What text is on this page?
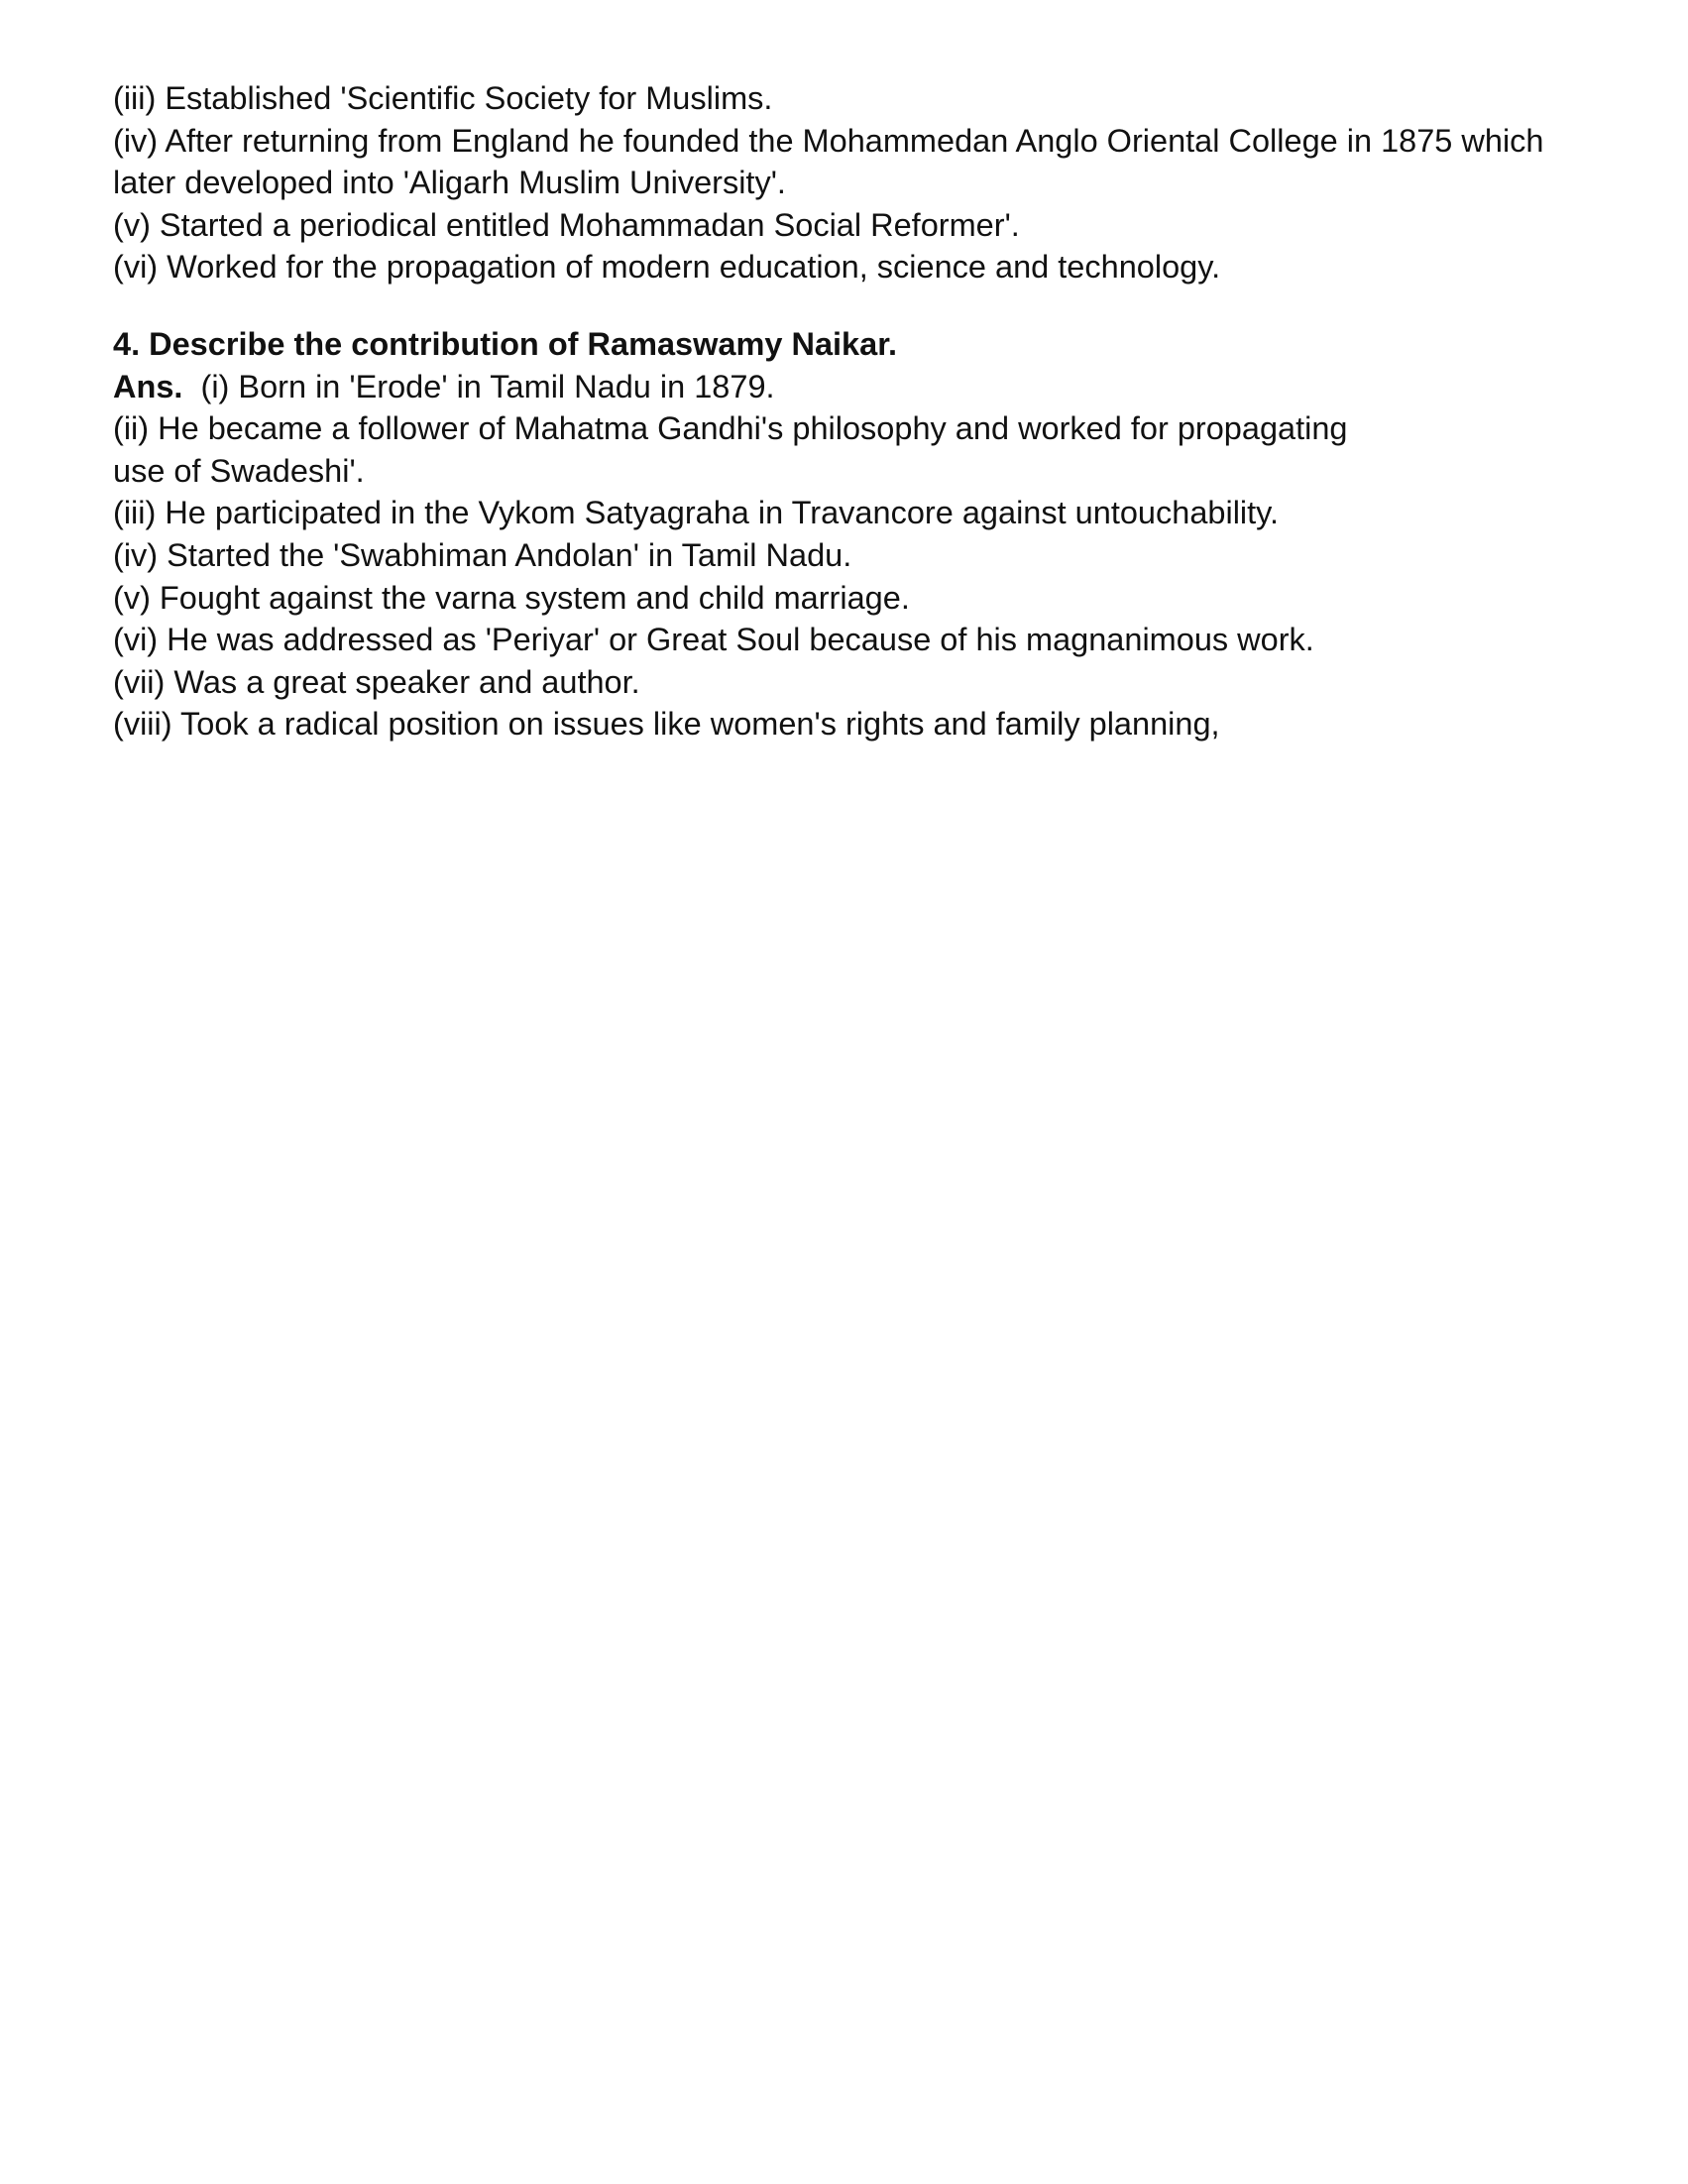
(iii) Established 'Scientific Society for Muslims.
(iv) After returning from England he founded the Mohammedan Anglo Oriental College in 1875 which later developed into 'Aligarh Muslim University'.
(v) Started a periodical entitled Mohammadan Social Reformer'.
(vi) Worked for the propagation of modern education, science and technology.
4. Describe the contribution of Ramaswamy Naikar.
Ans. (i) Born in 'Erode' in Tamil Nadu in 1879.
(ii) He became a follower of Mahatma Gandhi's philosophy and worked for propagating
use of Swadeshi'.
(iii) He participated in the Vykom Satyagraha in Travancore against untouchability.
(iv) Started the 'Swabhiman Andolan' in Tamil Nadu.
(v) Fought against the varna system and child marriage.
(vi) He was addressed as 'Periyar' or Great Soul because of his magnanimous work.
(vii) Was a great speaker and author.
(viii) Took a radical position on issues like women's rights and family planning,
